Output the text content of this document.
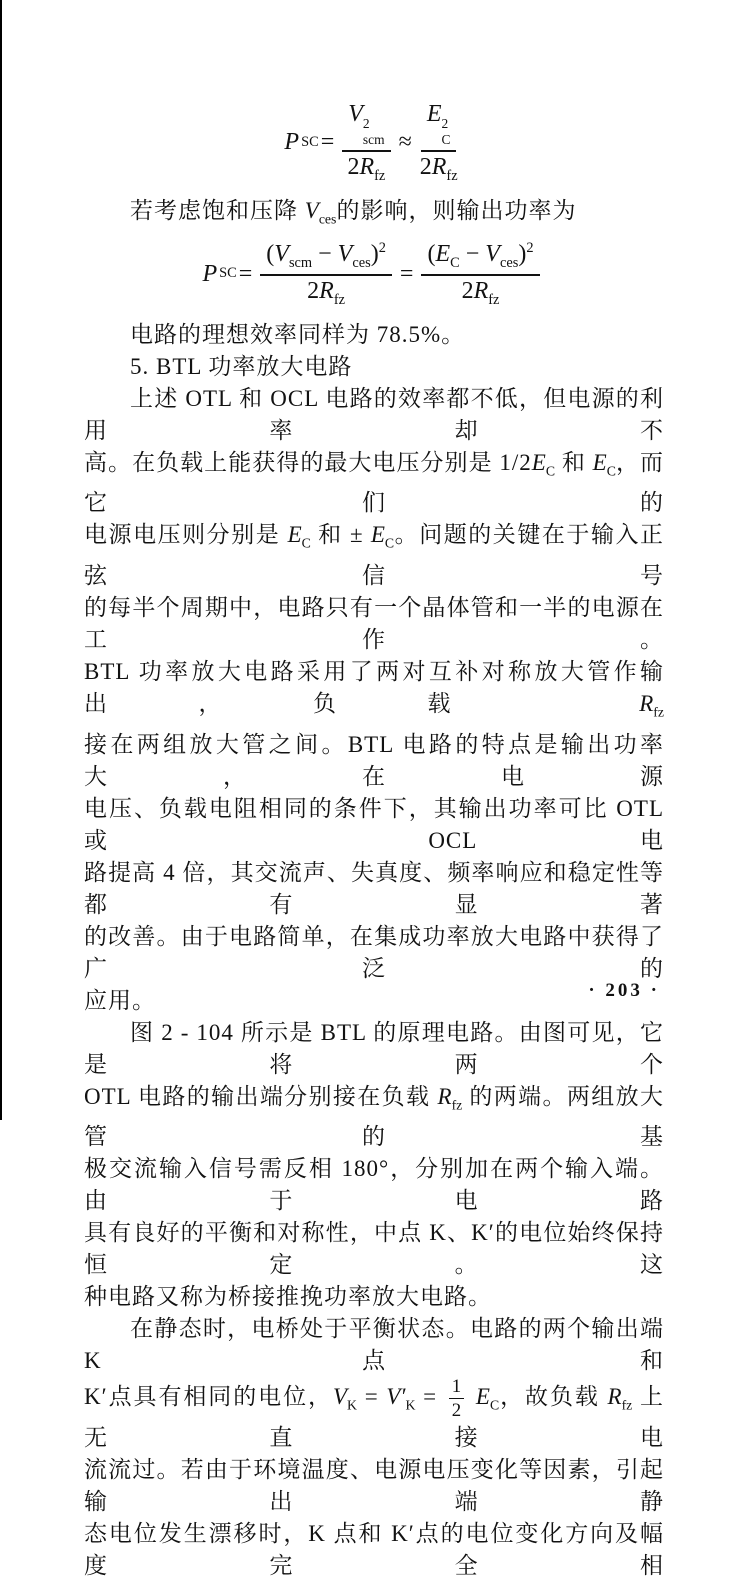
P SC = V 2
scm
$2R_{fz} \approx E$ 2
C
$2R_{fz}$
若考虑饱和压降 $V_{ces}$的影响，则输出功率为
P SC = $\frac{(V_{scm} - V_{ces})^2}{2R_{fz}} = \frac{(E_C - V_{ces})^2}{2R_{fz}}$
电路的理想效率同样为 78.5%。
5. BTL 功率放大电路
上述 OTL 和 OCL 电路的效率都不低，但电源的利用率却不
高。在负载上能获得的最大电压分别是 $1/2E_C$ 和 $E_C$，而它们的
电源电压则分别是 $E_C$ 和 ± $E_C$。问题的关键在于输入正弦信号
的每半个周期中，电路只有一个晶体管和一半的电源在工作。
BTL 功率放大电路采用了两对互补对称放大管作输出，负载 $R_{fz}$
接在两组放大管之间。BTL 电路的特点是输出功率大，在电源
电压、负载电阻相同的条件下，其输出功率可比 OTL 或 OCL 电
路提高 4 倍，其交流声、失真度、频率响应和稳定性等都有显著
的改善。由于电路简单，在集成功率放大电路中获得了广泛的
应用。
图 2 - 104 所示是 BTL 的原理电路。由图可见，它是将两个
OTL 电路的输出端分别接在负载 $R_{fz}$ 的两端。两组放大管的基
极交流输入信号需反相 180°，分别加在两个输入端。由于电路
具有良好的平衡和对称性，中点 K、K′的电位始终保持恒定。这
种电路又称为桥接推挽功率放大电路。
在静态时，电桥处于平衡状态。电路的两个输出端 K 点和
K′点具有相同的电位，$V_K = V'_K = \frac{1}{2} E_C$，故负载 $R_{fz}$ 上无直接电
流流过。若由于环境温度、电源电压变化等因素，引起输出端静
态电位发生漂移时，K 点和 K′点的电位变化方向及幅度完全相
· 203 ·
